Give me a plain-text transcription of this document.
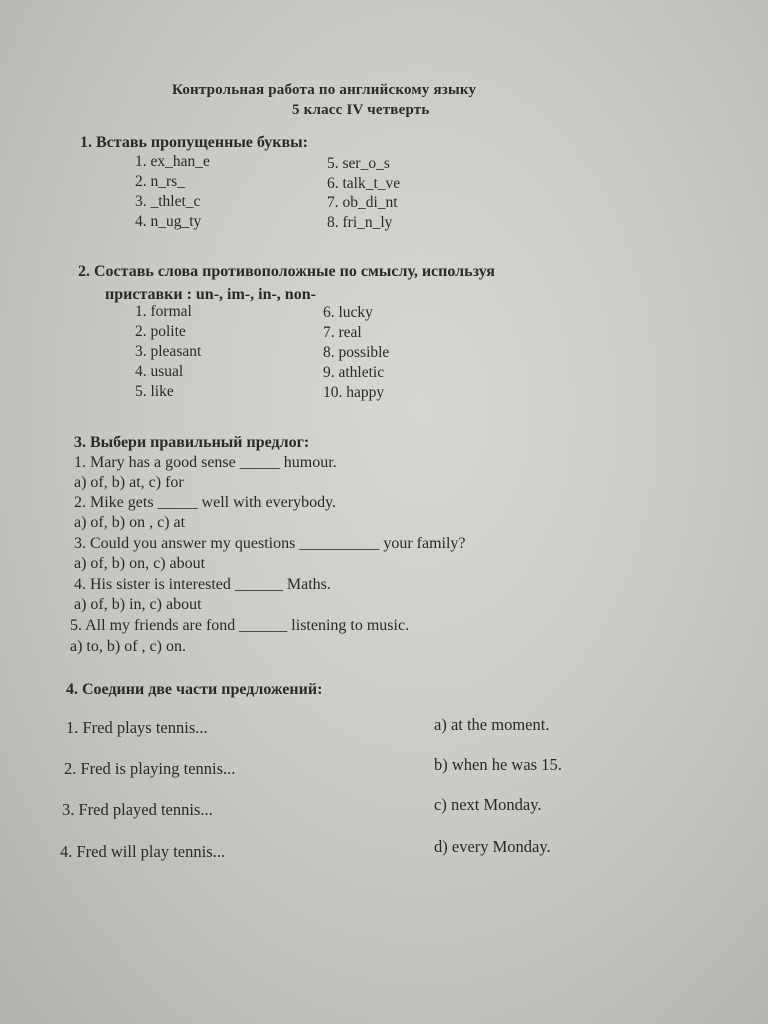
Контрольная работа по английскому языку
5 класс IV четверть
1. Вставь пропущенные буквы:
1. ex_han_e
2. n_rs_
3. _thlet_c
4. n_ug_ty
5. ser_o_s
6. talk_t_ve
7. ob_di_nt
8. fri_n_ly
2. Составь слова противоположные по смыслу, используя
приставки : un-, im-, in-, non-
1. formal
2. polite
3. pleasant
4. usual
5. like
6. lucky
7. real
8. possible
9. athletic
10. happy
3. Выбери правильный предлог:
1. Mary has a good sense _____ humour.
a) of, b) at, c) for
2. Mike gets _____ well with everybody.
a) of, b) on , c) at
3. Could you answer my questions __________ your family?
a) of, b) on, c) about
4. His sister is interested ______ Maths.
a) of, b) in, c) about
5. All my friends are fond ______ listening to music.
a) to, b) of , c) on.
4. Соедини две части предложений:
1. Fred plays tennis...
2. Fred is playing tennis...
3. Fred played tennis...
4. Fred will play tennis...
a) at the moment.
b) when he was 15.
c) next Monday.
d) every Monday.
